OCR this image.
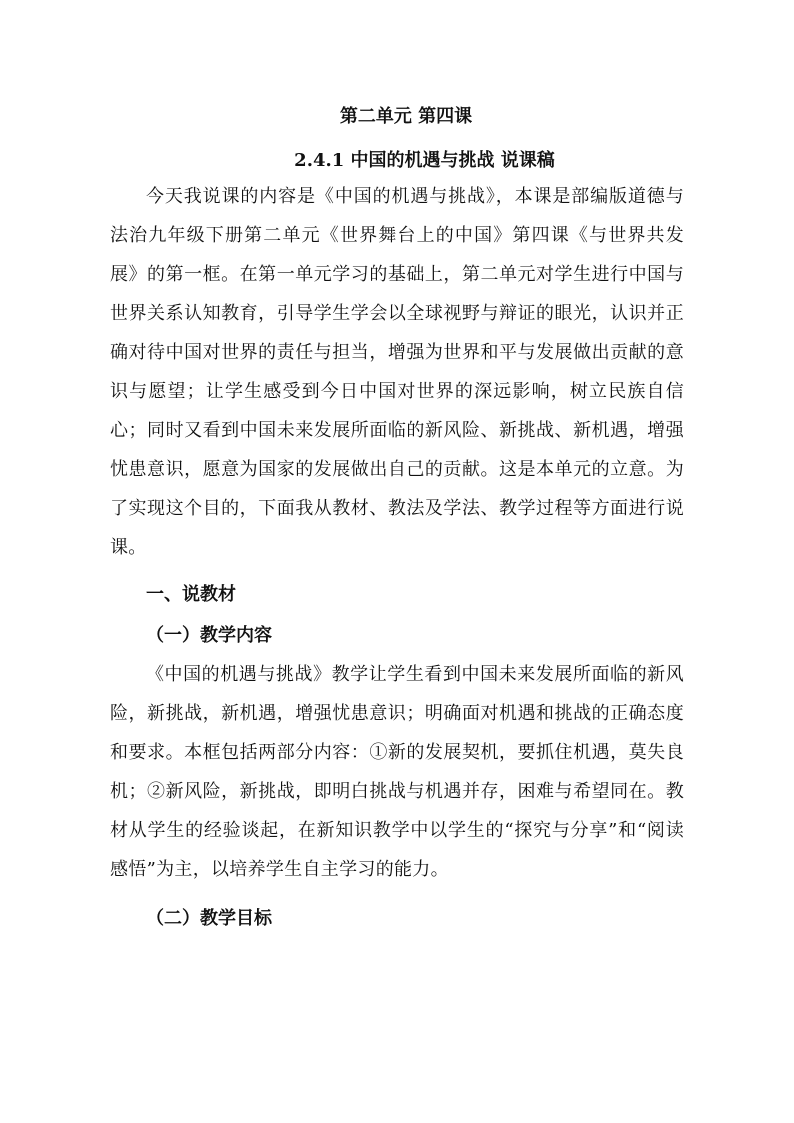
第二单元 第四课
2.4.1 中国的机遇与挑战 说课稿

今天我说课的内容是《中国的机遇与挑战》，本课是部编版道德与法治九年级下册第二单元《世界舞台上的中国》第四课《与世界共发展》的第一框。在第一单元学习的基础上，第二单元对学生进行中国与世界关系认知教育，引导学生学会以全球视野与辩证的眼光，认识并正确对待中国对世界的责任与担当，增强为世界和平与发展做出贡献的意识与愿望；让学生感受到今日中国对世界的深远影响，树立民族自信心；同时又看到中国未来发展所面临的新风险、新挑战、新机遇，增强忧患意识，愿意为国家的发展做出自己的贡献。这是本单元的立意。为了实现这个目的，下面我从教材、教法及学法、教学过程等方面进行说课。

一、说教材
（一）教学内容

《中国的机遇与挑战》教学让学生看到中国未来发展所面临的新风险，新挑战，新机遇，增强忧患意识；明确面对机遇和挑战的正确态度和要求。本框包括两部分内容：①新的发展契机，要抓住机遇，莫失良机；②新风险，新挑战，即明白挑战与机遇并存，困难与希望同在。教材从学生的经验谈起，在新知识教学中以学生的“探究与分享”和“阅读感悟”为主，以培养学生自主学习的能力。

（二）教学目标
